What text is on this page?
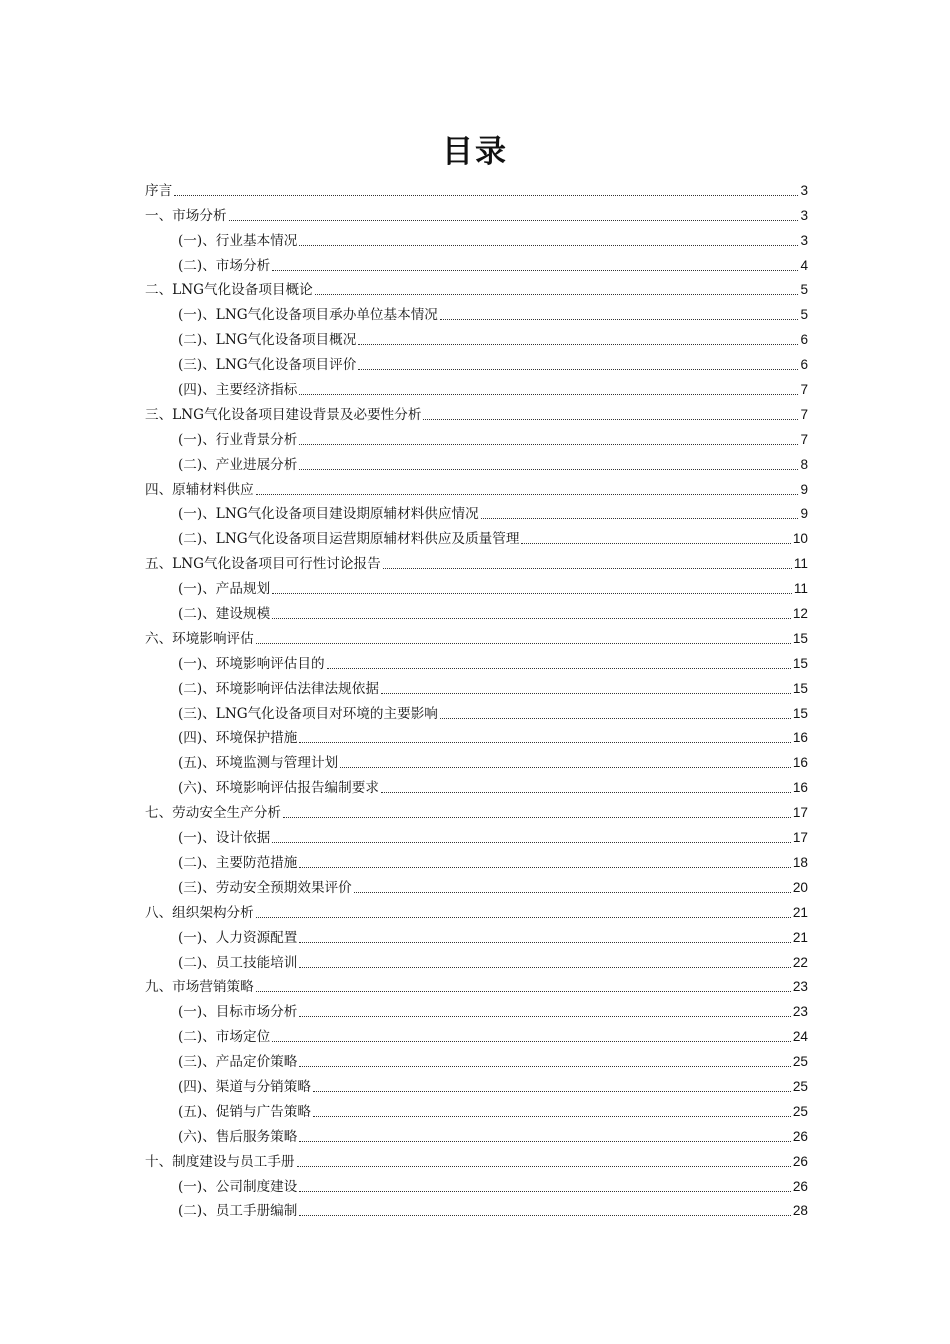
目录
序言	3
一、市场分析	3
(一)、行业基本情况	3
(二)、市场分析	4
二、LNG气化设备项目概论	5
(一)、LNG气化设备项目承办单位基本情况	5
(二)、LNG气化设备项目概况	6
(三)、LNG气化设备项目评价	6
(四)、主要经济指标	7
三、LNG气化设备项目建设背景及必要性分析	7
(一)、行业背景分析	7
(二)、产业进展分析	8
四、原辅材料供应	9
(一)、LNG气化设备项目建设期原辅材料供应情况	9
(二)、LNG气化设备项目运营期原辅材料供应及质量管理	10
五、LNG气化设备项目可行性讨论报告	11
(一)、产品规划	11
(二)、建设规模	12
六、环境影响评估	15
(一)、环境影响评估目的	15
(二)、环境影响评估法律法规依据	15
(三)、LNG气化设备项目对环境的主要影响	15
(四)、环境保护措施	16
(五)、环境监测与管理计划	16
(六)、环境影响评估报告编制要求	16
七、劳动安全生产分析	17
(一)、设计依据	17
(二)、主要防范措施	18
(三)、劳动安全预期效果评价	20
八、组织架构分析	21
(一)、人力资源配置	21
(二)、员工技能培训	22
九、市场营销策略	23
(一)、目标市场分析	23
(二)、市场定位	24
(三)、产品定价策略	25
(四)、渠道与分销策略	25
(五)、促销与广告策略	25
(六)、售后服务策略	26
十、制度建设与员工手册	26
(一)、公司制度建设	26
(二)、员工手册编制	28
